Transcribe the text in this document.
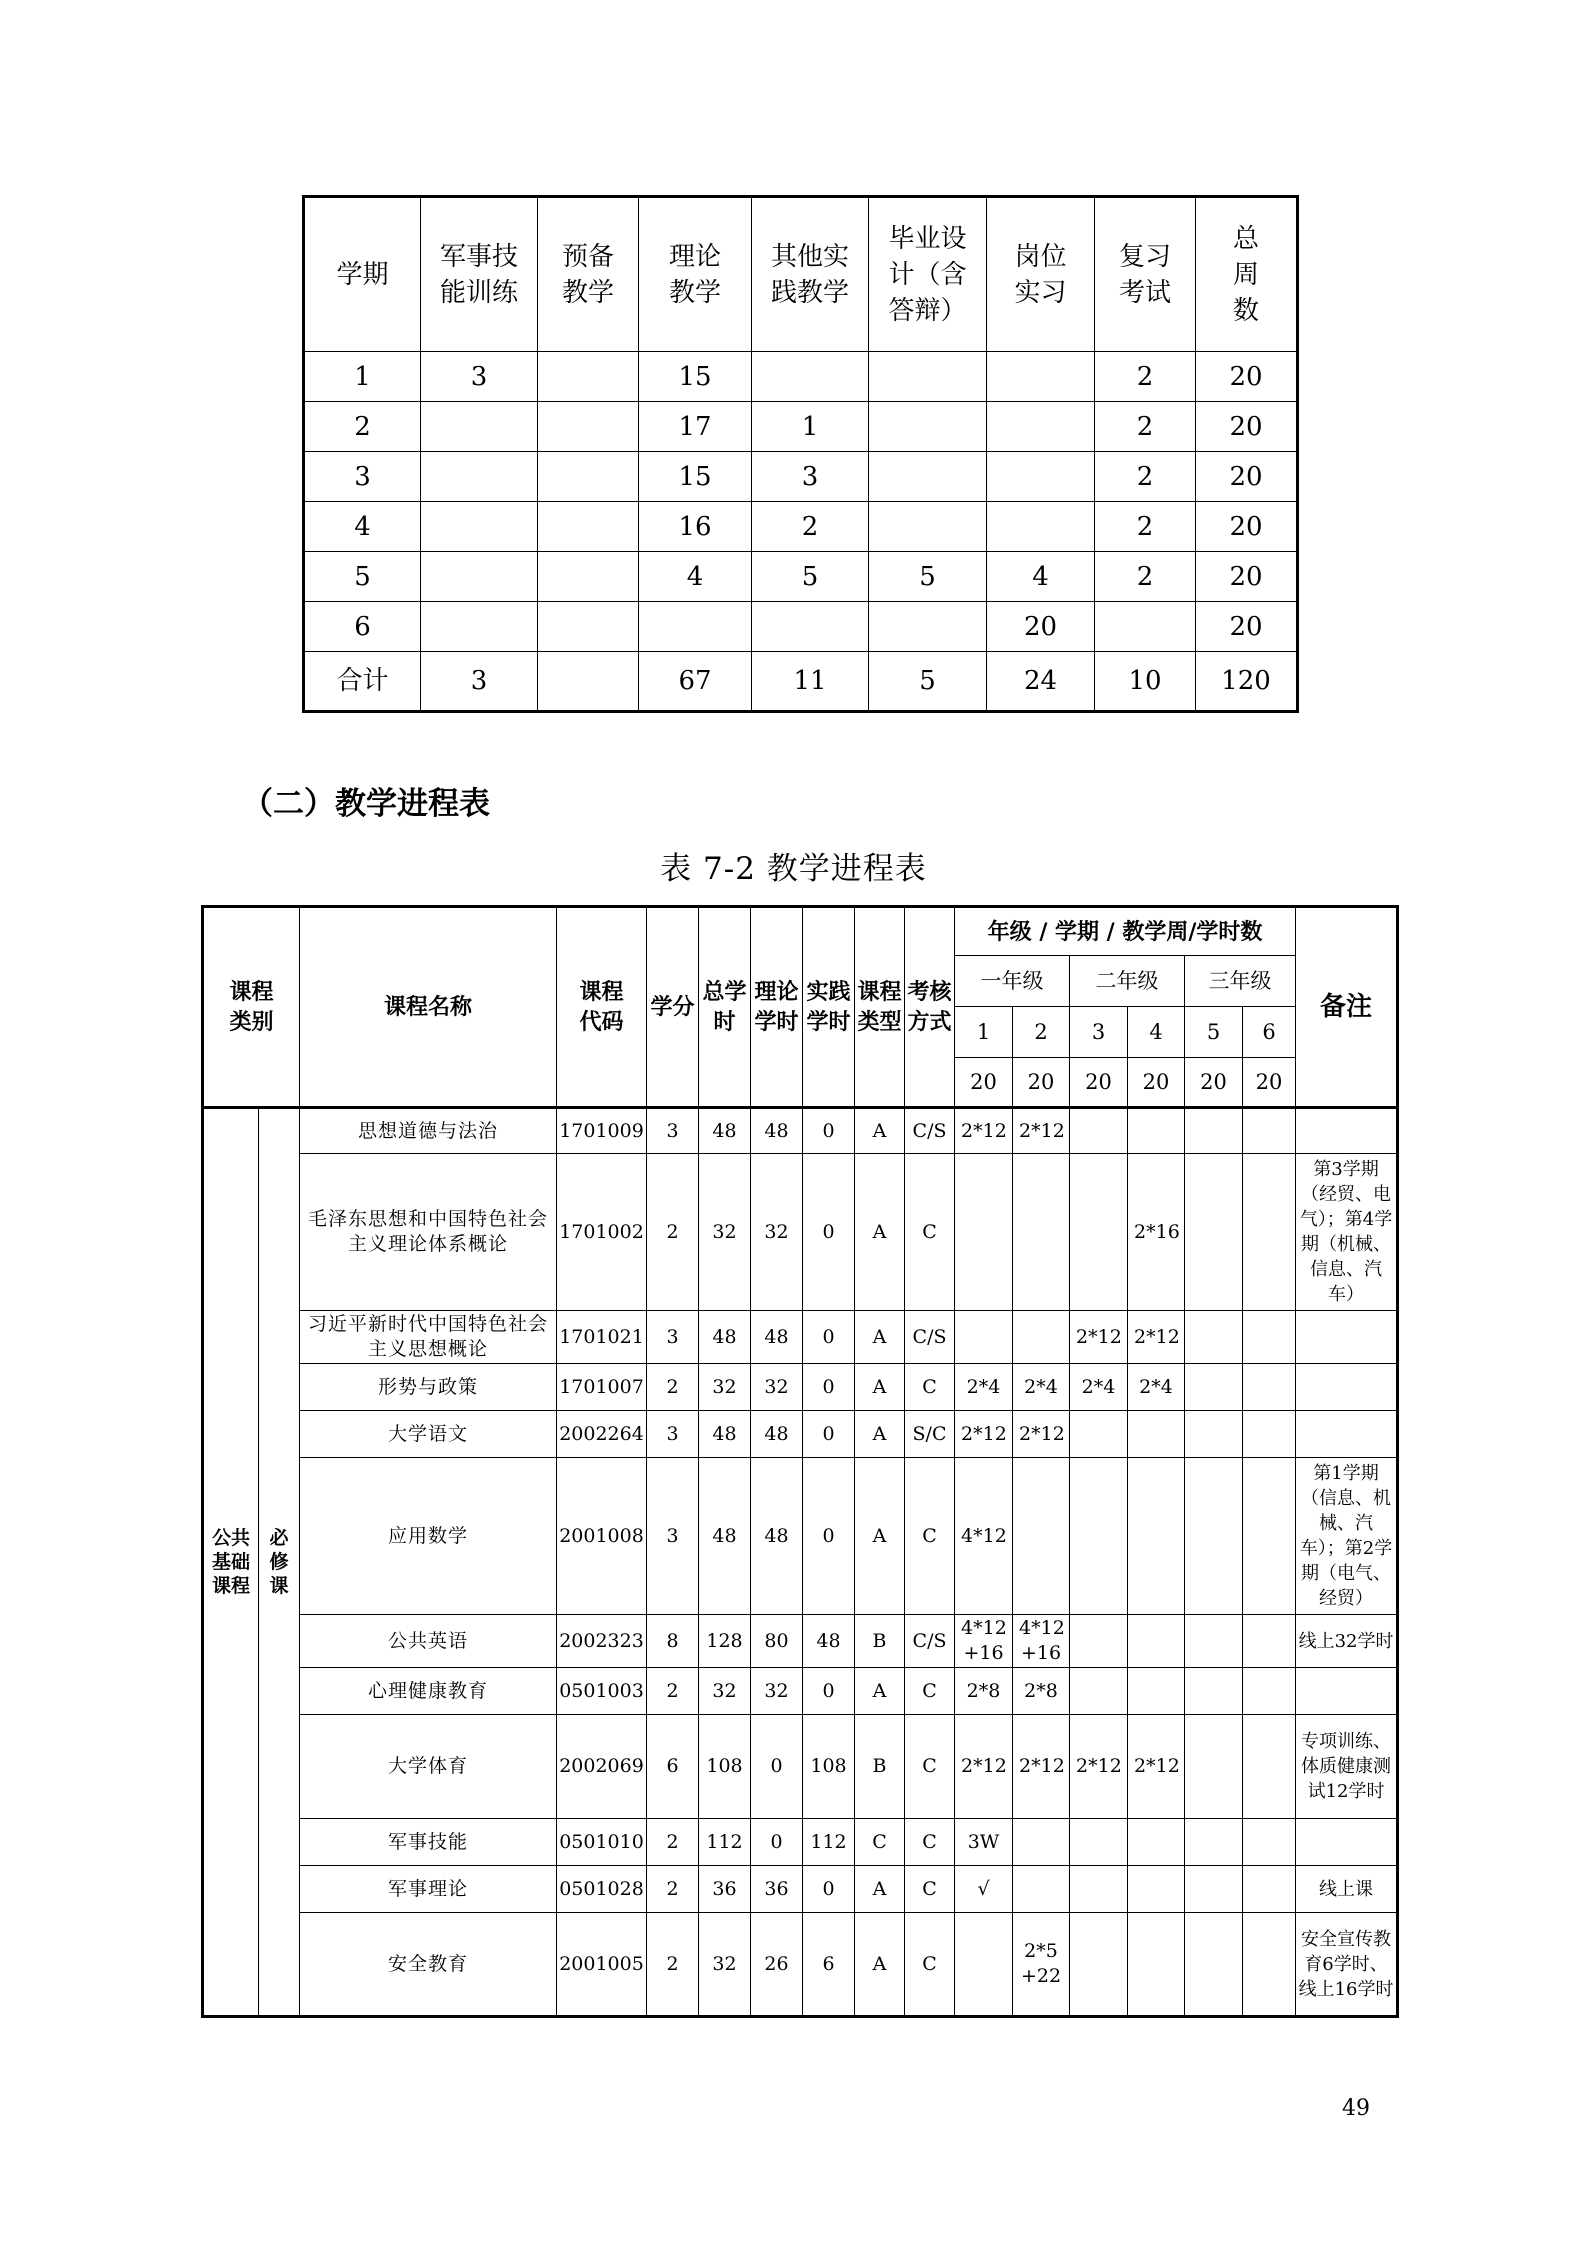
学期	军事技能训练	预备教学	理论教学	其他实践教学	毕业设计（含答辩）	岗位实习	复习考试	总周数
1	3		15				2	20
2			17	1			2	20
3			15	3			2	20
4			16	2			2	20
5			4	5	5	4	2	20
6						20		20
合计	3		67	11	5	24	10	120
（二）教学进程表
表 7-2 教学进程表
课程类别		课程名称	课程代码	学分	总学时	理论学时	实践学时	课程类型	考核方式	年级 / 学期 / 教学周/学时数						备注
										一年级		二年级		三年级		
										1	2	3	4	5	6	
										20	20	20	20	20	20	
公共基础课程	必修课	思想道德与法治	1701009	3	48	48	0	A	C/S	2*12	2*12					
		毛泽东思想和中国特色社会主义理论体系概论	1701002	2	32	32	0	A	C				2*16			第3学期（经贸、电气）；第4学期（机械、信息、汽车）
		习近平新时代中国特色社会主义思想概论	1701021	3	48	48	0	A	C/S			2*12	2*12			
		形势与政策	1701007	2	32	32	0	A	C	2*4	2*4	2*4	2*4			
		大学语文	2002264	3	48	48	0	A	S/C	2*12	2*12					
		应用数学	2001008	3	48	48	0	A	C	4*12						第1学期（信息、机械、汽车）；第2学期（电气、经贸）
		公共英语	2002323	8	128	80	48	B	C/S	4*12 +16	4*12 +16					线上32学时
		心理健康教育	0501003	2	32	32	0	A	C	2*8	2*8					
		大学体育	2002069	6	108	0	108	B	C	2*12	2*12	2*12	2*12			专项训练、体质健康测试12学时
		军事技能	0501010	2	112	0	112	C	C	3W						
		军事理论	0501028	2	36	36	0	A	C	√						线上课
		安全教育	2001005	2	32	26	6	A	C		2*5 +22					安全宣传教育6学时、线上16学时
49
